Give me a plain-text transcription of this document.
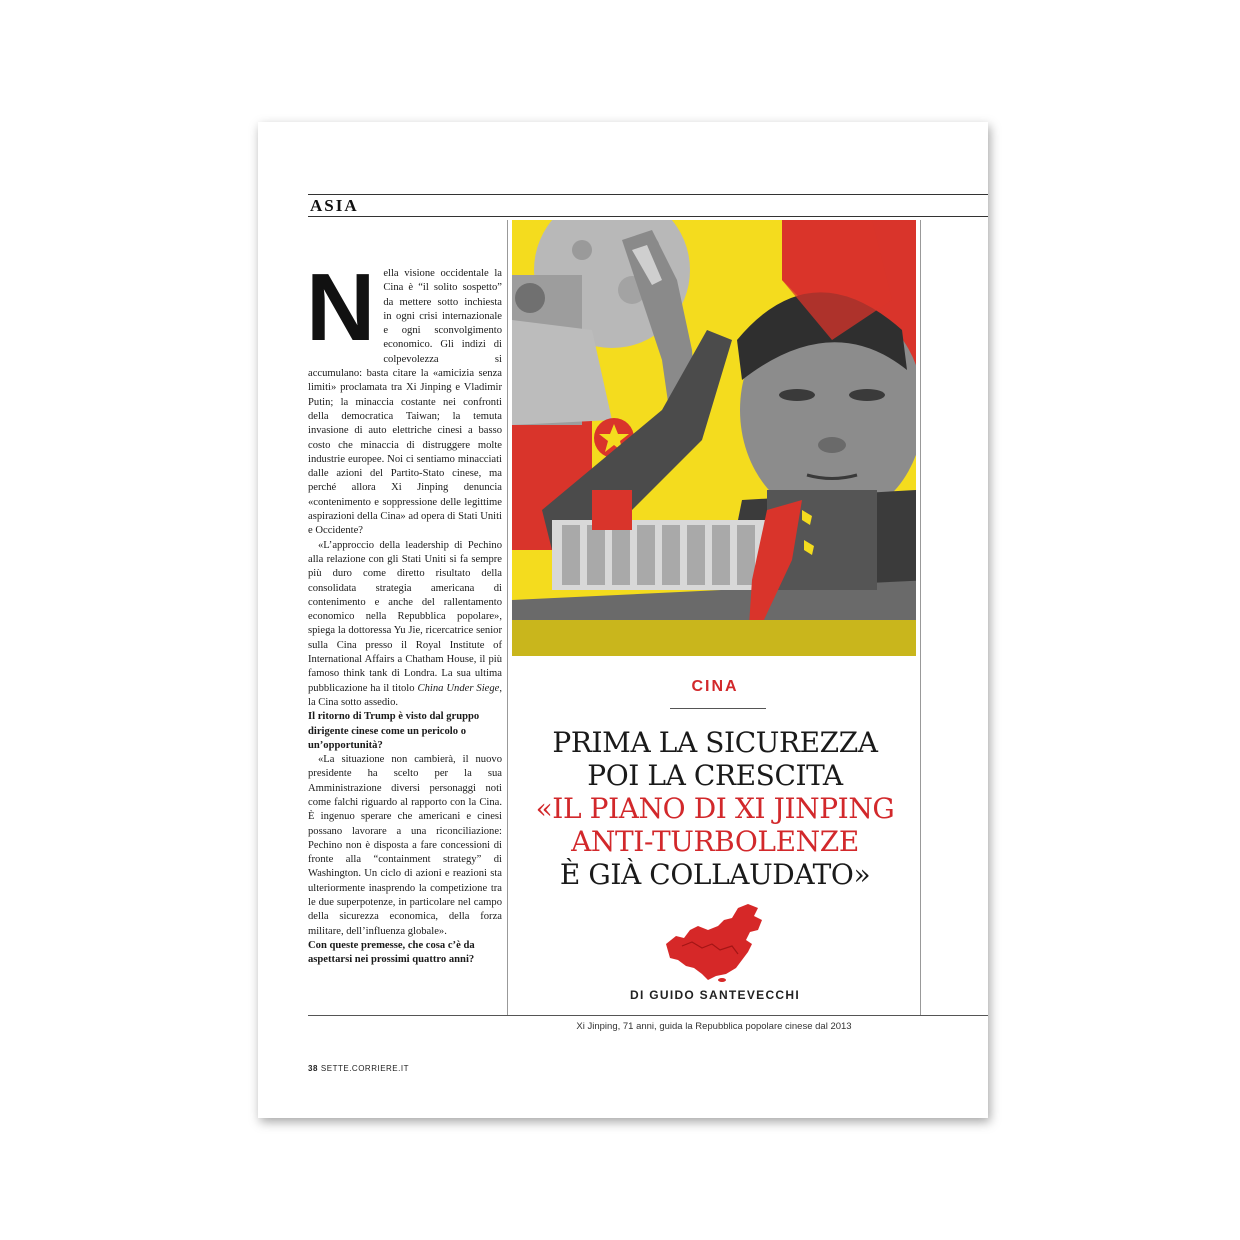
ASIA

Nella visione occidentale la Cina è “il solito sospetto” da mettere sotto inchiesta in ogni crisi internazionale e ogni sconvolgimento economico. Gli indizi di colpevolezza si accumulano: basta citare la «amicizia senza limiti» proclamata tra Xi Jinping e Vladimir Putin; la minaccia costante nei confronti della democratica Taiwan; la temuta invasione di auto elettriche cinesi a basso costo che minaccia di distruggere molte industrie europee. Noi ci sentiamo minacciati dalle azioni del Partito-Stato cinese, ma perché allora Xi Jinping denuncia «contenimento e soppressione delle legittime aspirazioni della Cina» ad opera di Stati Uniti e Occidente?

«L’approccio della leadership di Pechino alla relazione con gli Stati Uniti si fa sempre più duro come diretto risultato della consolidata strategia americana di contenimento e anche del rallentamento economico nella Repubblica popolare», spiega la dottoressa Yu Jie, ricercatrice senior sulla Cina presso il Royal Institute of International Affairs a Chatham House, il più famoso think tank di Londra. La sua ultima pubblicazione ha il titolo China Under Siege, la Cina sotto assedio.

Il ritorno di Trump è visto dal gruppo
dirigente cinese come un pericolo o
un’opportunità?

«La situazione non cambierà, il nuovo presidente ha scelto per la sua Amministrazione diversi personaggi noti come falchi riguardo al rapporto con la Cina. È ingenuo sperare che americani e cinesi possano lavorare a una riconciliazione: Pechino non è disposta a fare concessioni di fronte alla “containment strategy” di Washington. Un ciclo di azioni e reazioni sta ulteriormente inasprendo la competizione tra le due superpotenze, in particolare nel campo della sicurezza economica, della forza militare, dell’influenza globale».

Con queste premesse, che cosa c’è da
aspettarsi nei prossimi quattro anni?

CINA
PRIMA LA SICUREZZA
POI LA CRESCITA
«IL PIANO DI XI JINPING
ANTI-TURBOLENZE
È GIÀ COLLAUDATO»
DI GUIDO SANTEVECCHI
Xi Jinping, 71 anni, guida la Repubblica popolare cinese dal 2013
38 SETTE.CORRIERE.IT
